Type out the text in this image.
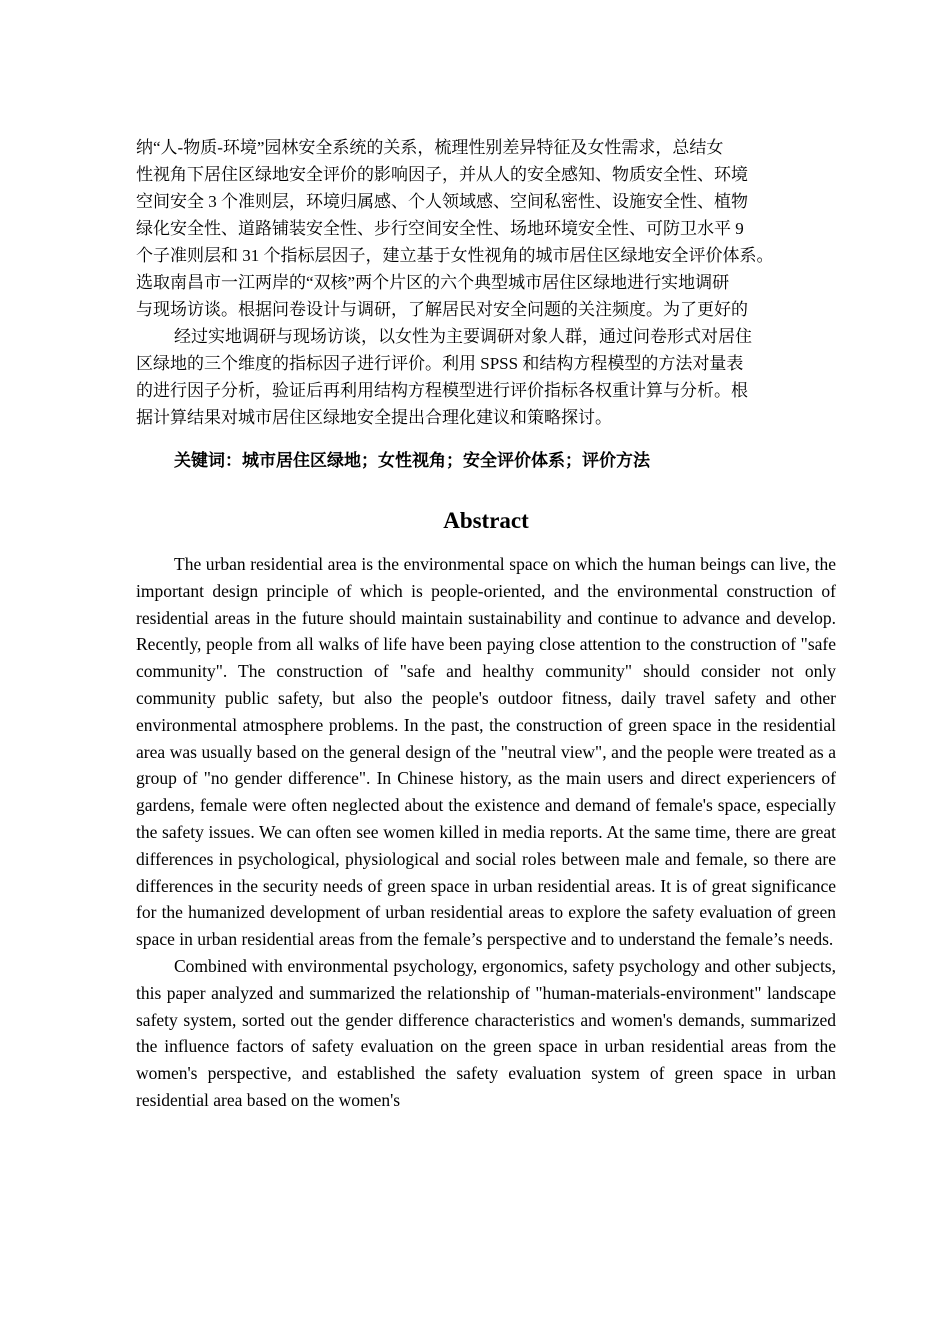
纳“人-物质-环境”园林安全系统的关系，梳理性别差异特征及女性需求，总结女
性视角下居住区绿地安全评价的影响因子，并从人的安全感知、物质安全性、环境
空间安全 3 个准则层，环境归属感、个人领域感、空间私密性、设施安全性、植物
绿化安全性、道路铺装安全性、步行空间安全性、场地环境安全性、可防卫水平 9
个子准则层和 31 个指标层因子，建立基于女性视角的城市居住区绿地安全评价体系。
选取南昌市一江两岸的“双核”两个片区的六个典型城市居住区绿地进行实地调研
与现场访谈。根据问卷设计与调研，了解居民对安全问题的关注频度。为了更好的
经过实地调研与现场访谈，以女性为主要调研对象人群，通过问卷形式对居住
区绿地的三个维度的指标因子进行评价。利用 SPSS 和结构方程模型的方法对量表
的进行因子分析，验证后再利用结构方程模型进行评价指标各权重计算与分析。根
据计算结果对城市居住区绿地安全提出合理化建议和策略探讨。
关键词：城市居住区绿地；女性视角；安全评价体系；评价方法
Abstract

The urban residential area is the environmental space on which the human beings can live, the important design principle of which is people-oriented, and the environmental construction of residential areas in the future should maintain sustainability and continue to advance and develop. Recently, people from all walks of life have been paying close attention to the construction of "safe community". The construction of "safe and healthy community" should consider not only community public safety, but also the people's outdoor fitness, daily travel safety and other environmental atmosphere problems. In the past, the construction of green space in the residential area was usually based on the general design of the "neutral view", and the people were treated as a group of "no gender difference". In Chinese history, as the main users and direct experiencers of gardens, female were often neglected about the existence and demand of female's space, especially the safety issues. We can often see women killed in media reports. At the same time, there are great differences in psychological, physiological and social roles between male and female, so there are differences in the security needs of green space in urban residential areas. It is of great significance for the humanized development of urban residential areas to explore the safety evaluation of green space in urban residential areas from the female’s perspective and to understand the female’s needs.

Combined with environmental psychology, ergonomics, safety psychology and other subjects, this paper analyzed and summarized the relationship of "human-materials-environment" landscape safety system, sorted out the gender difference characteristics and women's demands, summarized the influence factors of safety evaluation on the green space in urban residential areas from the women's perspective, and established the safety evaluation system of green space in urban residential area based on the women's
